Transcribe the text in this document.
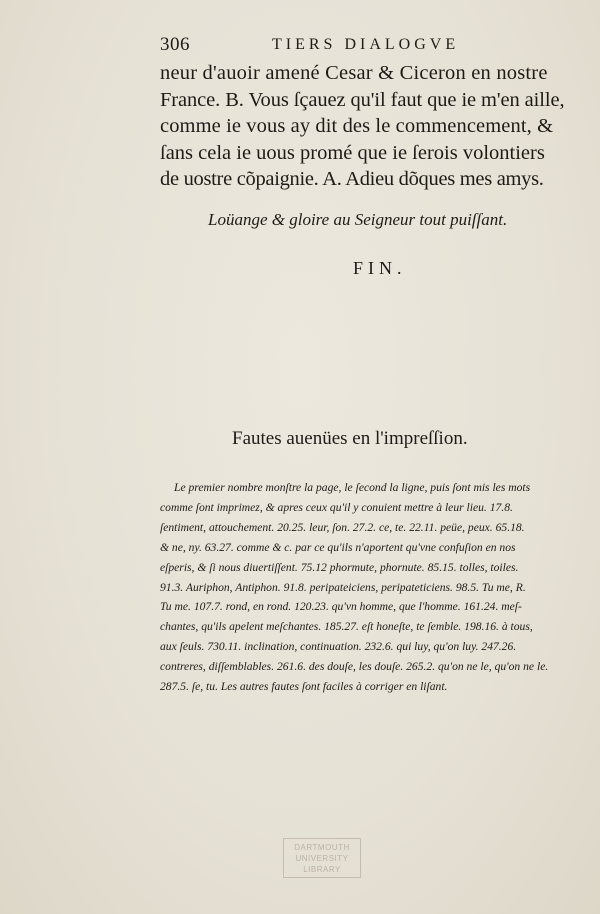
306	TIERS DIALOGVE
neur d'auoir amené Cesar & Ciceron en nostre
France. B. Vous ſçauez qu'il faut que ie m'en aille,
comme ie vous ay dit des le commencement, &
ſans cela ie uous promé que ie ſerois volontiers
de uostre cõpaignie. A. Adieu dõques mes amys.
Loüange & gloire au Seigneur tout puiſſant.
FIN.
Fautes auenües en l'impreſſion.
Le premier nombre monſtre la page, le ſecond la ligne, puis ſont mis les mots
comme ſont imprimez, & apres ceux qu'il y conuient mettre à leur lieu. 17.8.
ſentiment, attouchement. 20.25. leur, ſon. 27.2. ce, te. 22.11. peüe, peux. 65.18.
& ne, ny. 63.27. comme & c. par ce qu'ils n'aportent qu'vne confuſion en nos
eſperis, & ſi nous diuertiſſent. 75.12 phormute, phornute. 85.15. tolles, toiles.
91.3. Auriphon, Antiphon. 91.8. peripateiciens, peripateticiens. 98.5. Tu me, R.
Tu me. 107.7. rond, en rond. 120.23. qu'vn homme, que l'homme. 161.24. meſ-
chantes, qu'ils apelent meſchantes. 185.27. eſt honeſte, te ſemble. 198.16. à tous,
aux ſeuls. 730.11. inclination, continuation. 232.6. qui luy, qu'on luy. 247.26.
contreres, diſſemblables. 261.6. des douſe, les douſe. 265.2. qu'on ne le, qu'on ne le.
287.5. ſe, tu. Les autres fautes ſont faciles à corriger en liſant.
DARTMOUTH
UNIVERSITY
LIBRARY
